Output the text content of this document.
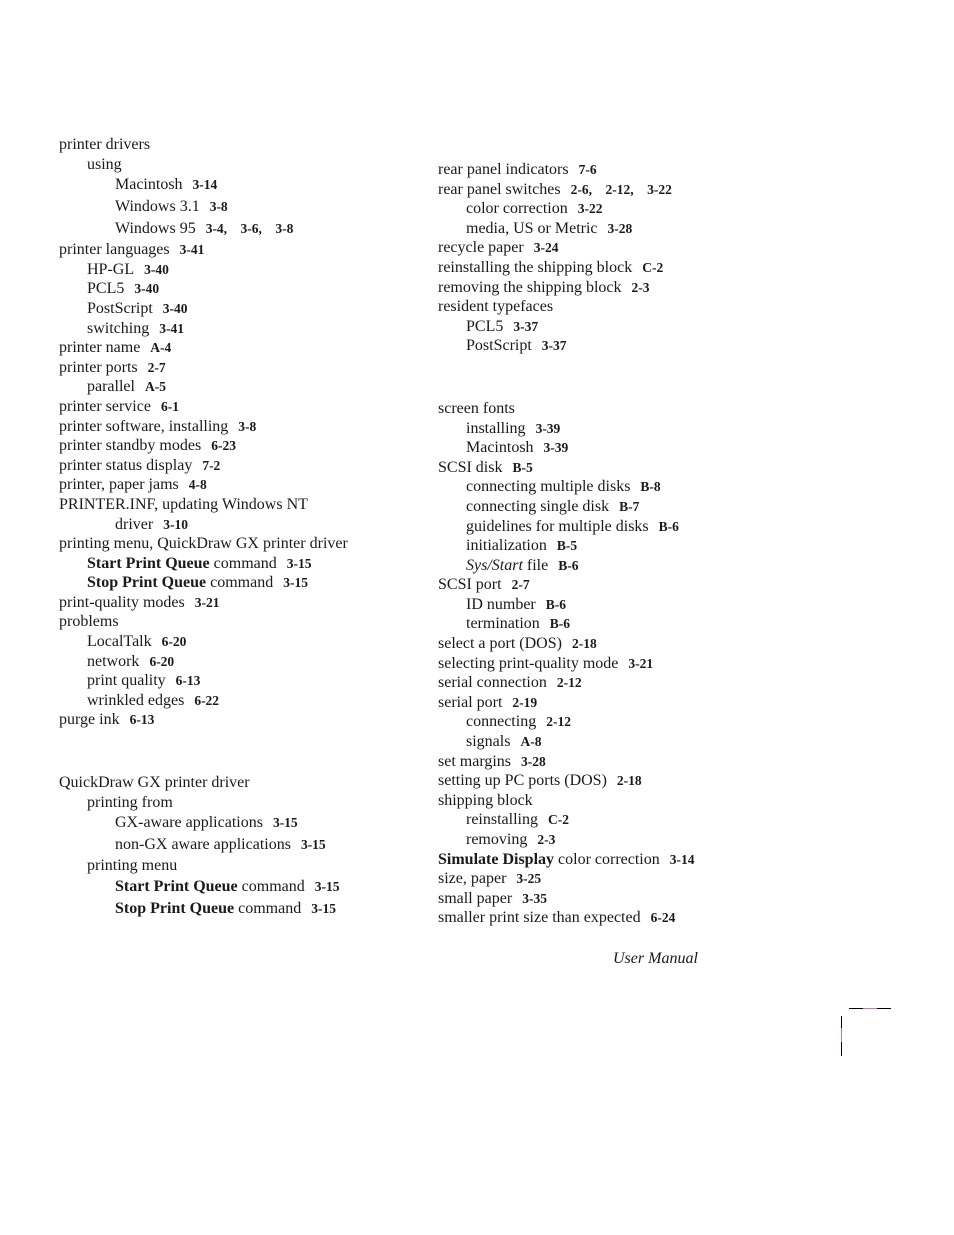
printer drivers
using
Macintosh 3-14
Windows 3.1 3-8
Windows 95 3-4, 3-6, 3-8
printer languages 3-41
HP-GL 3-40
PCL5 3-40
PostScript 3-40
switching 3-41
printer name A-4
printer ports 2-7
parallel A-5
printer service 6-1
printer software, installing 3-8
printer standby modes 6-23
printer status display 7-2
printer, paper jams 4-8
PRINTER.INF, updating Windows NT
driver 3-10
printing menu, QuickDraw GX printer driver
Start Print Queue command 3-15
Stop Print Queue command 3-15
print-quality modes 3-21
problems
LocalTalk 6-20
network 6-20
print quality 6-13
wrinkled edges 6-22
purge ink 6-13
QuickDraw GX printer driver
printing from
GX-aware applications 3-15
non-GX aware applications 3-15
printing menu
Start Print Queue command 3-15
Stop Print Queue command 3-15
rear panel indicators 7-6
rear panel switches 2-6, 2-12, 3-22
color correction 3-22
media, US or Metric 3-28
recycle paper 3-24
reinstalling the shipping block C-2
removing the shipping block 2-3
resident typefaces
PCL5 3-37
PostScript 3-37
screen fonts
installing 3-39
Macintosh 3-39
SCSI disk B-5
connecting multiple disks B-8
connecting single disk B-7
guidelines for multiple disks B-6
initialization B-5
Sys/Start file B-6
SCSI port 2-7
ID number B-6
termination B-6
select a port (DOS) 2-18
selecting print-quality mode 3-21
serial connection 2-12
serial port 2-19
connecting 2-12
signals A-8
set margins 3-28
setting up PC ports (DOS) 2-18
shipping block
reinstalling C-2
removing 2-3
Simulate Display color correction 3-14
size, paper 3-25
small paper 3-35
smaller print size than expected 6-24
User Manual
